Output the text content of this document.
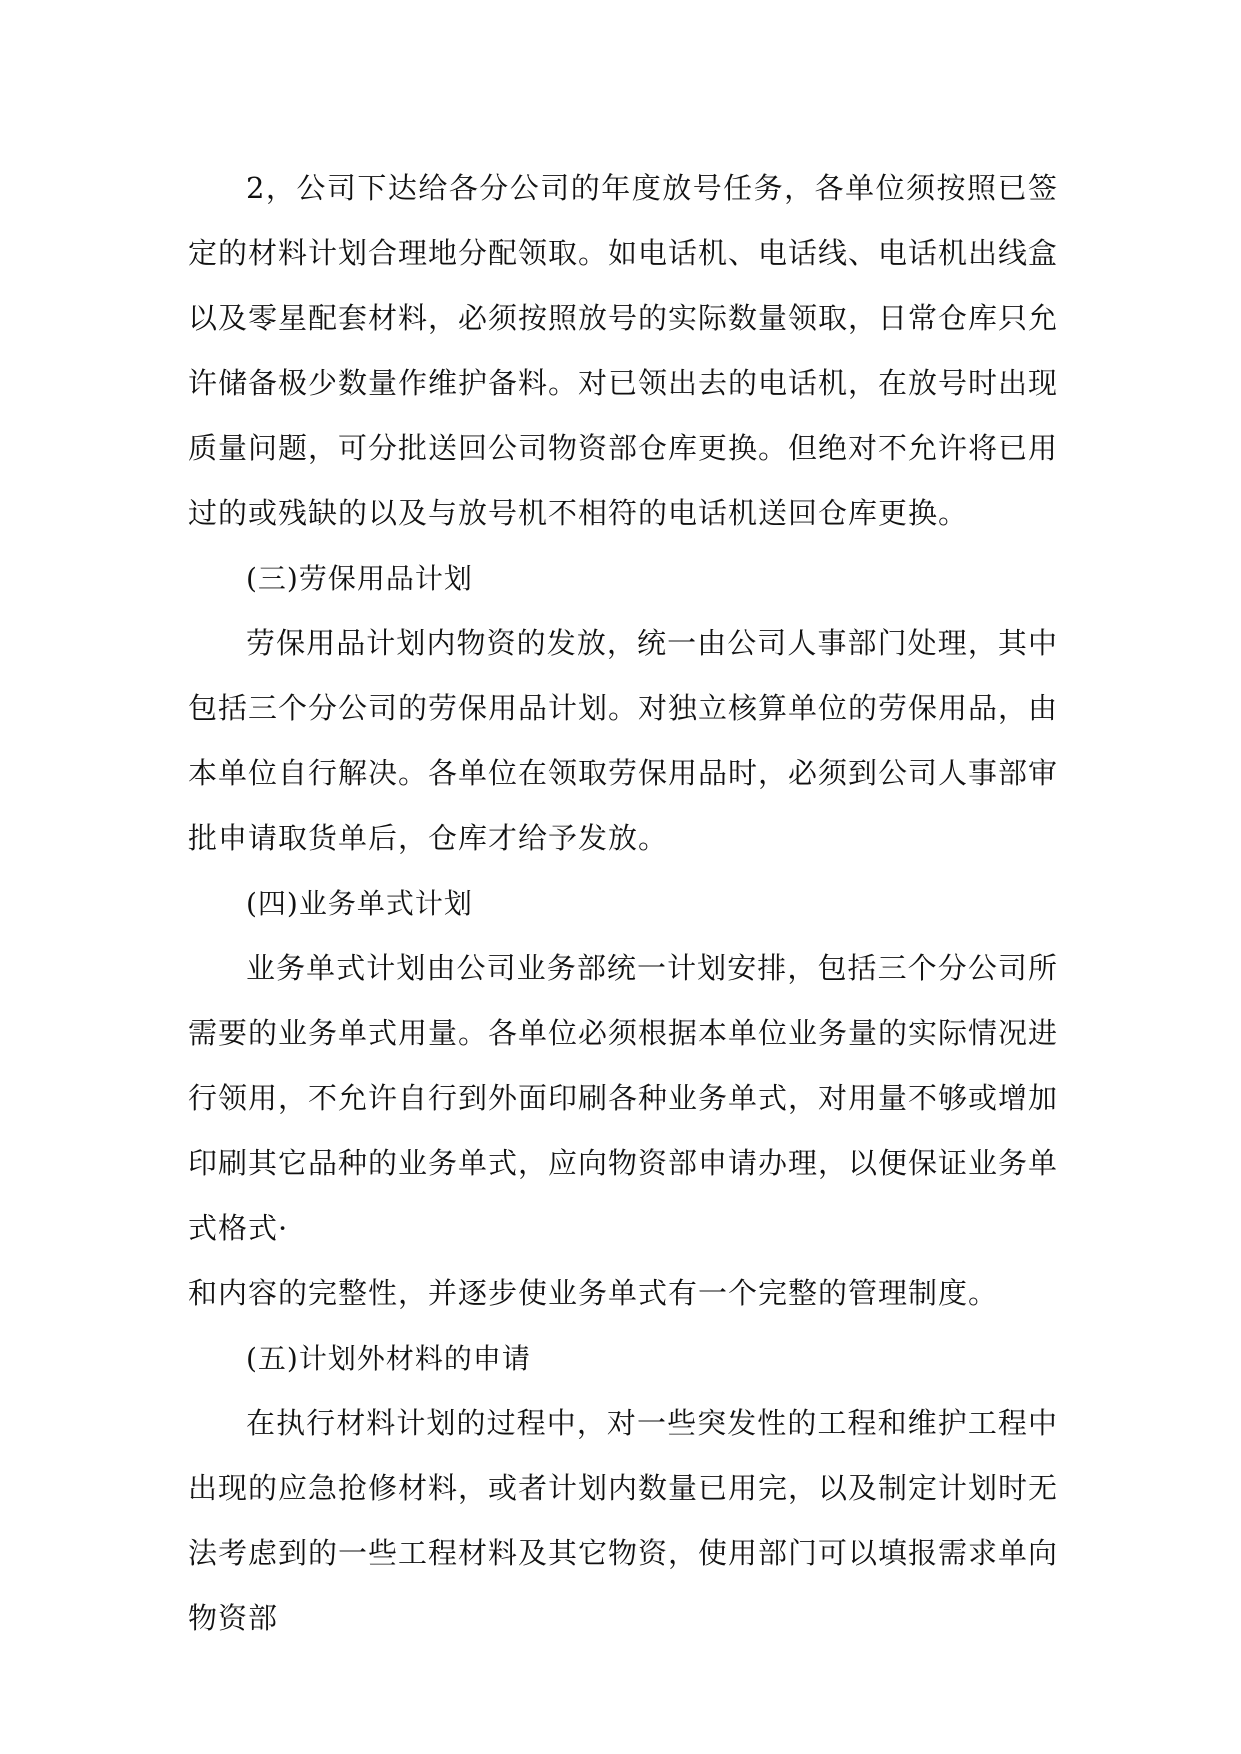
2，公司下达给各分公司的年度放号任务，各单位须按照已签定的材料计划合理地分配领取。如电话机、电话线、电话机出线盒以及零星配套材料，必须按照放号的实际数量领取，日常仓库只允许储备极少数量作维护备料。对已领出去的电话机，在放号时出现质量问题，可分批送回公司物资部仓库更换。但绝对不允许将已用过的或残缺的以及与放号机不相符的电话机送回仓库更换。

(三)劳保用品计划

劳保用品计划内物资的发放，统一由公司人事部门处理，其中包括三个分公司的劳保用品计划。对独立核算单位的劳保用品，由本单位自行解决。各单位在领取劳保用品时，必须到公司人事部审批申请取货单后，仓库才给予发放。

(四)业务单式计划

业务单式计划由公司业务部统一计划安排，包括三个分公司所需要的业务单式用量。各单位必须根据本单位业务量的实际情况进行领用，不允许自行到外面印刷各种业务单式，对用量不够或增加印刷其它品种的业务单式，应向物资部申请办理，以便保证业务单式格式·

和内容的完整性，并逐步使业务单式有一个完整的管理制度。

(五)计划外材料的申请

在执行材料计划的过程中，对一些突发性的工程和维护工程中出现的应急抢修材料，或者计划内数量已用完，以及制定计划时无法考虑到的一些工程材料及其它物资，使用部门可以填报需求单向物资部
